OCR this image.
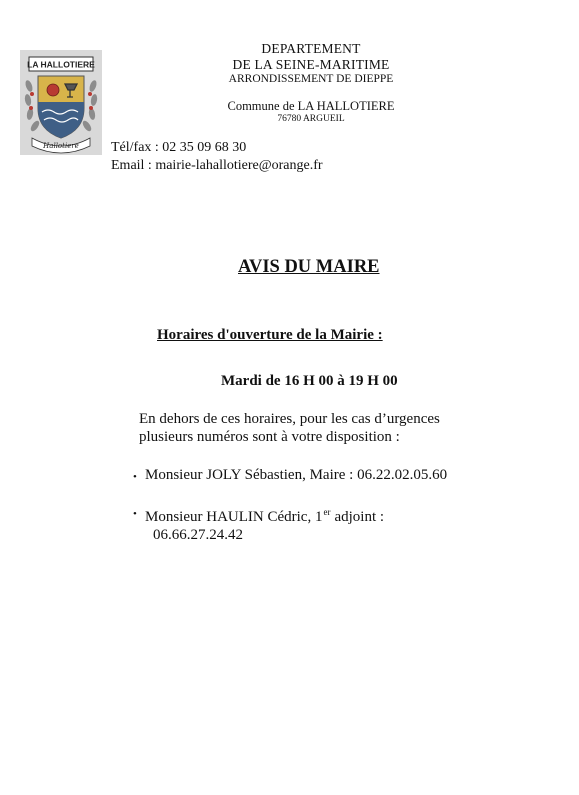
LA HALLOTIERE
Hallotiere
DEPARTEMENT
DE LA SEINE-MARITIME
ARRONDISSEMENT DE DIEPPE
Commune de LA HALLOTIERE
76780 ARGUEIL
Tél/fax : 02 35 09 68 30
Email : mairie-lahallotiere@orange.fr
AVIS DU MAIRE
Horaires d'ouverture de la Mairie :
Mardi de 16 H 00 à 19 H 00
En dehors de ces horaires, pour les cas d’urgences
plusieurs numéros sont à votre disposition :
• Monsieur JOLY Sébastien, Maire : 06.22.02.05.60
• Monsieur HAULIN Cédric, 1er adjoint :
06.66.27.24.42
